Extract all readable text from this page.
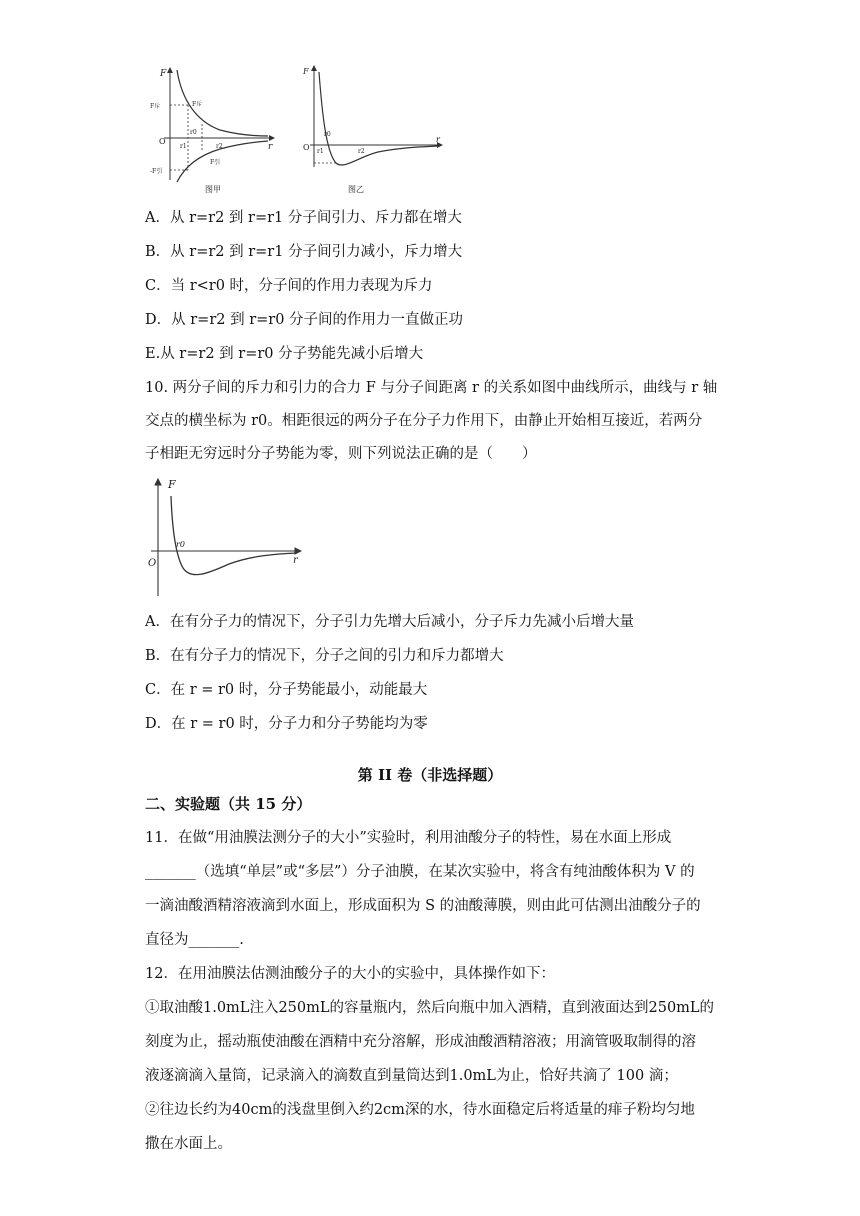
F
r
O
F斥	F斥
r0
r1	r2
-F引
F引
图甲
F
r
O
r0
r1	r2
图乙
A．从 r=r2 到 r=r1 分子间引力、斥力都在增大
B．从 r=r2 到 r=r1 分子间引力减小，斥力增大
C．当 r<r0 时，分子间的作用力表现为斥力
D．从 r=r2 到 r=r0 分子间的作用力一直做正功
E.从 r=r2 到 r=r0 分子势能先减小后增大
10. 两分子间的斥力和引力的合力 F 与分子间距离 r 的关系如图中曲线所示，曲线与 r 轴
交点的横坐标为 r0。相距很远的两分子在分子力作用下，由静止开始相互接近，若两分
子相距无穷远时分子势能为零，则下列说法正确的是（　　）
F
r
O
r0
A．在有分子力的情况下，分子引力先增大后减小，分子斥力先减小后增大量
B．在有分子力的情况下，分子之间的引力和斥力都增大
C．在 r = r0 时，分子势能最小，动能最大
D．在 r = r0 时，分子力和分子势能均为零
第 II 卷（非选择题）
二、实验题（共 15 分）
11．在做“用油膜法测分子的大小”实验时，利用油酸分子的特性，易在水面上形成
_______（选填“单层”或“多层”）分子油膜，在某次实验中，将含有纯油酸体积为 V 的
一滴油酸酒精溶液滴到水面上，形成面积为 S 的油酸薄膜，则由此可估测出油酸分子的
直径为_______.
12．在用油膜法估测油酸分子的大小的实验中，具体操作如下：
①取油酸1.0mL注入250mL的容量瓶内，然后向瓶中加入酒精，直到液面达到250mL的
刻度为止，摇动瓶使油酸在酒精中充分溶解，形成油酸酒精溶液；用滴管吸取制得的溶
液逐滴滴入量筒，记录滴入的滴数直到量筒达到1.0mL为止，恰好共滴了 100 滴；
②往边长约为40cm的浅盘里倒入约2cm深的水，待水面稳定后将适量的痱子粉均匀地
撒在水面上。
